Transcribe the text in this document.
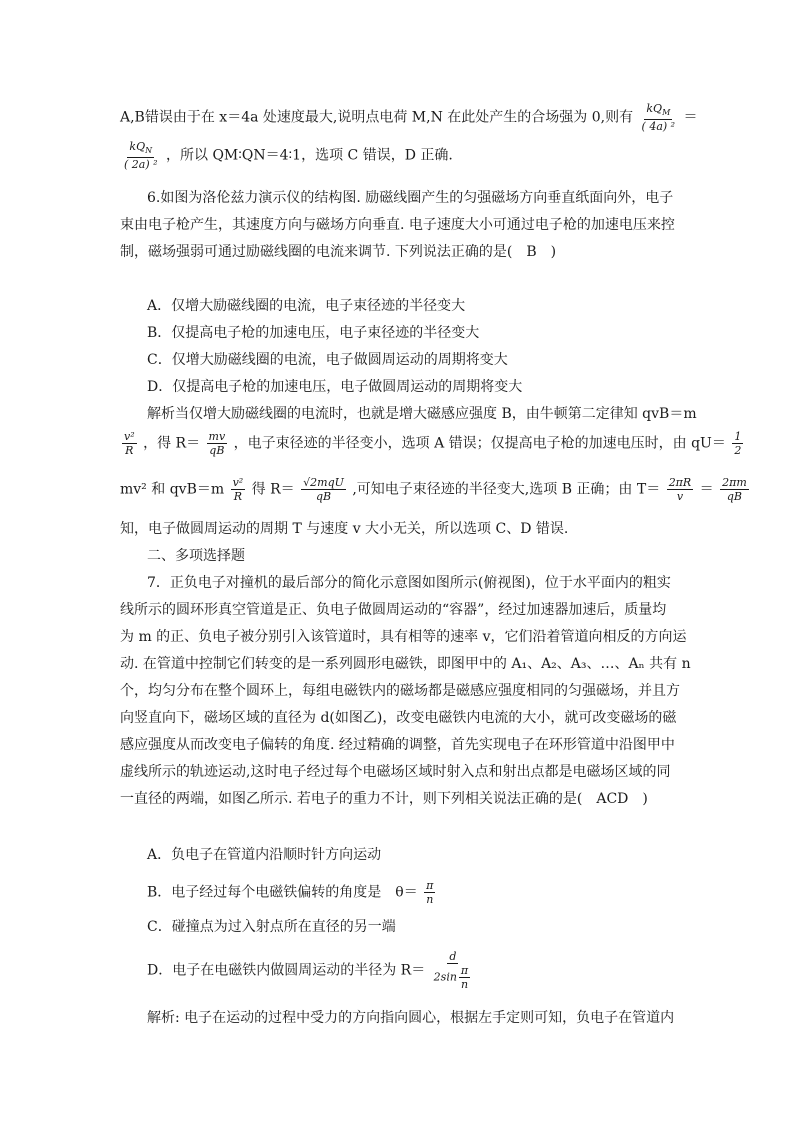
A,B错误由于在 x＝4a 处速度最大,说明点电荷 M,N 在此处产生的合场强为 0,则有 $\frac{kQ_M}{\text{( 4a) ²}}$ ＝
$\frac{kQ_N}{\text{( 2a) ²}}$ ，所以 QM∶QN＝4∶1，选项 C 错误，D 正确.
6.如图为洛伦兹力演示仪的结构图. 励磁线圈产生的匀强磁场方向垂直纸面向外，电子
束由电子枪产生，其速度方向与磁场方向垂直. 电子速度大小可通过电子枪的加速电压来控
制，磁场强弱可通过励磁线圈的电流来调节. 下列说法正确的是(　B　)
A．仅增大励磁线圈的电流，电子束径迹的半径变大
B．仅提高电子枪的加速电压，电子束径迹的半径变大
C．仅增大励磁线圈的电流，电子做圆周运动的周期将变大
D．仅提高电子枪的加速电压，电子做圆周运动的周期将变大
解析当仅增大励磁线圈的电流时，也就是增大磁感应强度 B，由牛顿第二定律知 qvB＝m
$\frac{\text{v²}}{R}$ ，得 $R= \frac{mv}{qB}$ ，电子束径迹的半径变小，选项 A 错误；仅提高电子枪的加速电压时，由 $qU= \frac{1}{2}$
mv² 和 $qvB=m \frac{\text{v²}}{R}$ 得 $R= \frac{\text{√2mqU}}{qB}$ ,可知电子束径迹的半径变大,选项 B 正确；由 $T= \frac{2\pi R}{v} = \frac{2\pi m}{qB}$
知，电子做圆周运动的周期 T 与速度 v 大小无关，所以选项 C、D 错误.
二、多项选择题
7．正负电子对撞机的最后部分的简化示意图如图所示(俯视图)，位于水平面内的粗实
线所示的圆环形真空管道是正、负电子做圆周运动的“容器”，经过加速器加速后，质量均
为 m 的正、负电子被分别引入该管道时，具有相等的速率 v，它们沿着管道向相反的方向运
动. 在管道中控制它们转变的是一系列圆形电磁铁，即图甲中的 A₁、A₂、A₃、…、Aₙ 共有 n
个，均匀分布在整个圆环上，每组电磁铁内的磁场都是磁感应强度相同的匀强磁场，并且方
向竖直向下，磁场区域的直径为 d(如图乙)，改变电磁铁内电流的大小，就可改变磁场的磁
感应强度从而改变电子偏转的角度. 经过精确的调整，首先实现电子在环形管道中沿图甲中
虚线所示的轨迹运动,这时电子经过每个电磁场区域时射入点和射出点都是电磁场区域的同
一直径的两端，如图乙所示. 若电子的重力不计，则下列相关说法正确的是(　ACD　)
A．负电子在管道内沿顺时针方向运动
B．电子经过每个电磁铁偏转的角度是　$\theta= \frac{\pi}{n}$
C．碰撞点为过入射点所在直径的另一端
D．电子在电磁铁内做圆周运动的半径为 $R= \frac{d}{2\sin \frac{\pi}{n}}$
解析: 电子在运动的过程中受力的方向指向圆心，根据左手定则可知，负电子在管道内
